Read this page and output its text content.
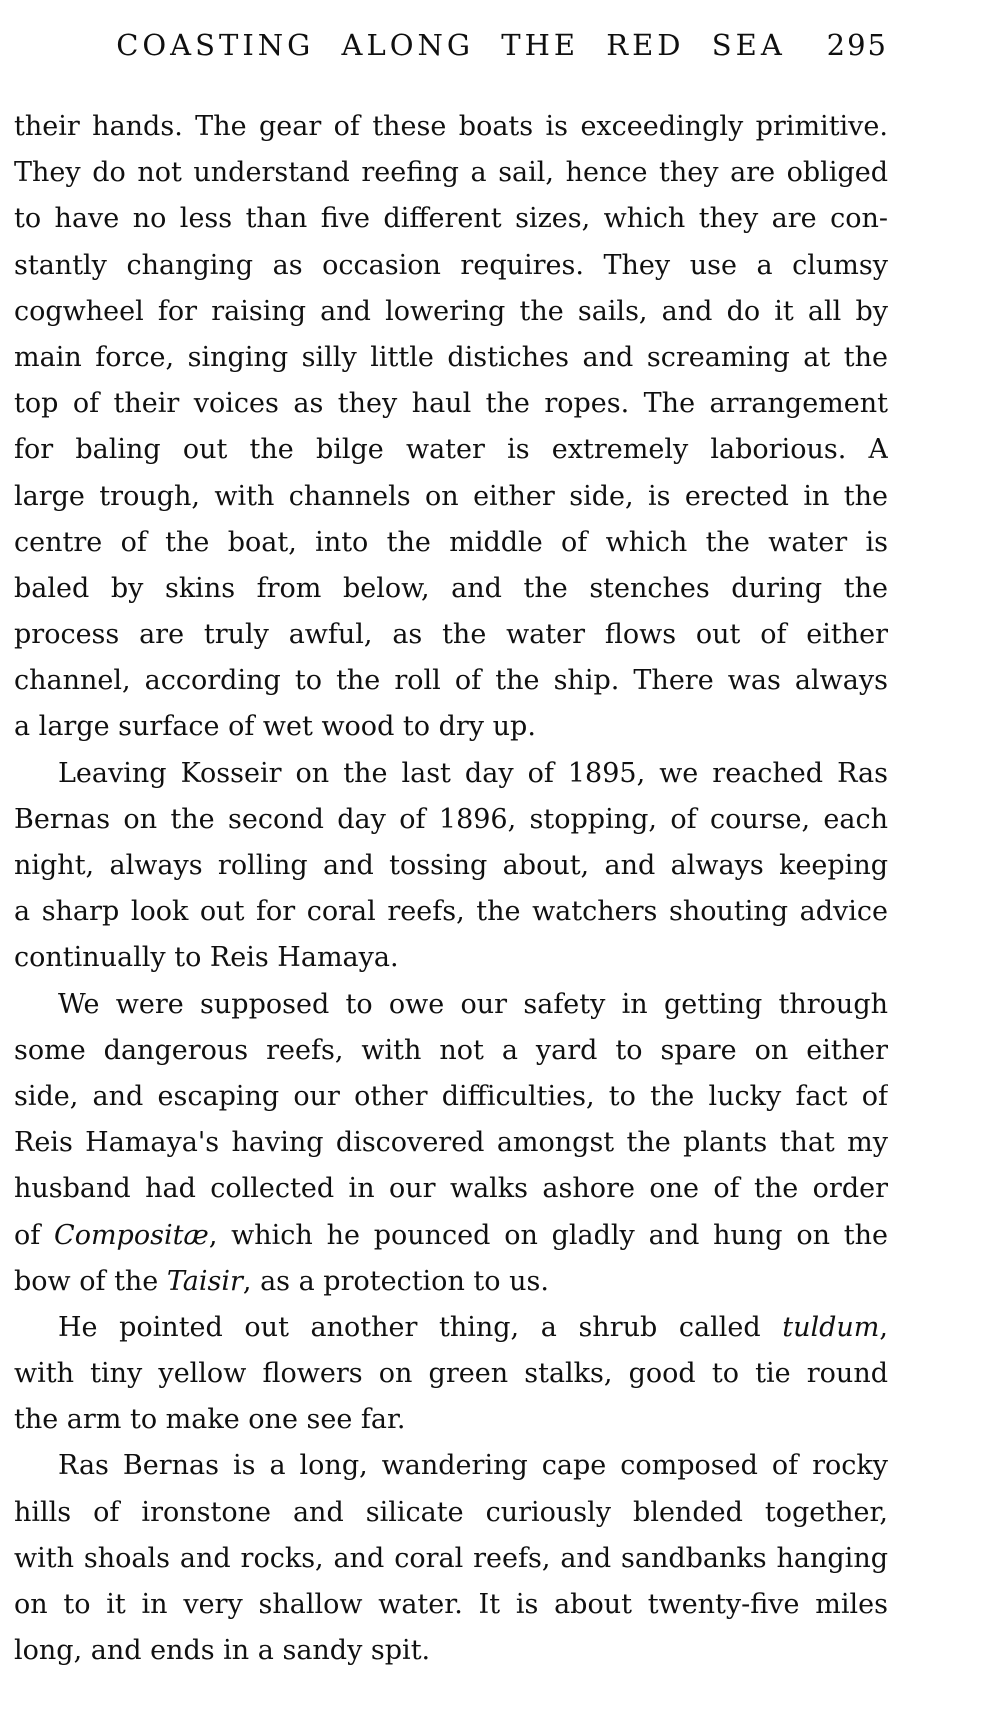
COASTING ALONG THE RED SEA 295
their hands. The gear of these boats is exceedingly primitive.
They do not understand reefing a sail, hence they are obliged
to have no less than five different sizes, which they are con-
stantly changing as occasion requires. They use a clumsy
cogwheel for raising and lowering the sails, and do it all by
main force, singing silly little distiches and screaming at the
top of their voices as they haul the ropes. The arrangement
for baling out the bilge water is extremely laborious. A
large trough, with channels on either side, is erected in the
centre of the boat, into the middle of which the water is
baled by skins from below, and the stenches during the
process are truly awful, as the water flows out of either
channel, according to the roll of the ship. There was always
a large surface of wet wood to dry up.
Leaving Kosseir on the last day of 1895, we reached Ras
Bernas on the second day of 1896, stopping, of course, each
night, always rolling and tossing about, and always keeping
a sharp look out for coral reefs, the watchers shouting advice
continually to Reis Hamaya.
We were supposed to owe our safety in getting through
some dangerous reefs, with not a yard to spare on either
side, and escaping our other difficulties, to the lucky fact of
Reis Hamaya's having discovered amongst the plants that my
husband had collected in our walks ashore one of the order
of Compositæ, which he pounced on gladly and hung on the
bow of the Taisir, as a protection to us.
He pointed out another thing, a shrub called tuldum,
with tiny yellow flowers on green stalks, good to tie round
the arm to make one see far.
Ras Bernas is a long, wandering cape composed of rocky
hills of ironstone and silicate curiously blended together,
with shoals and rocks, and coral reefs, and sandbanks hanging
on to it in very shallow water. It is about twenty-five miles
long, and ends in a sandy spit.
